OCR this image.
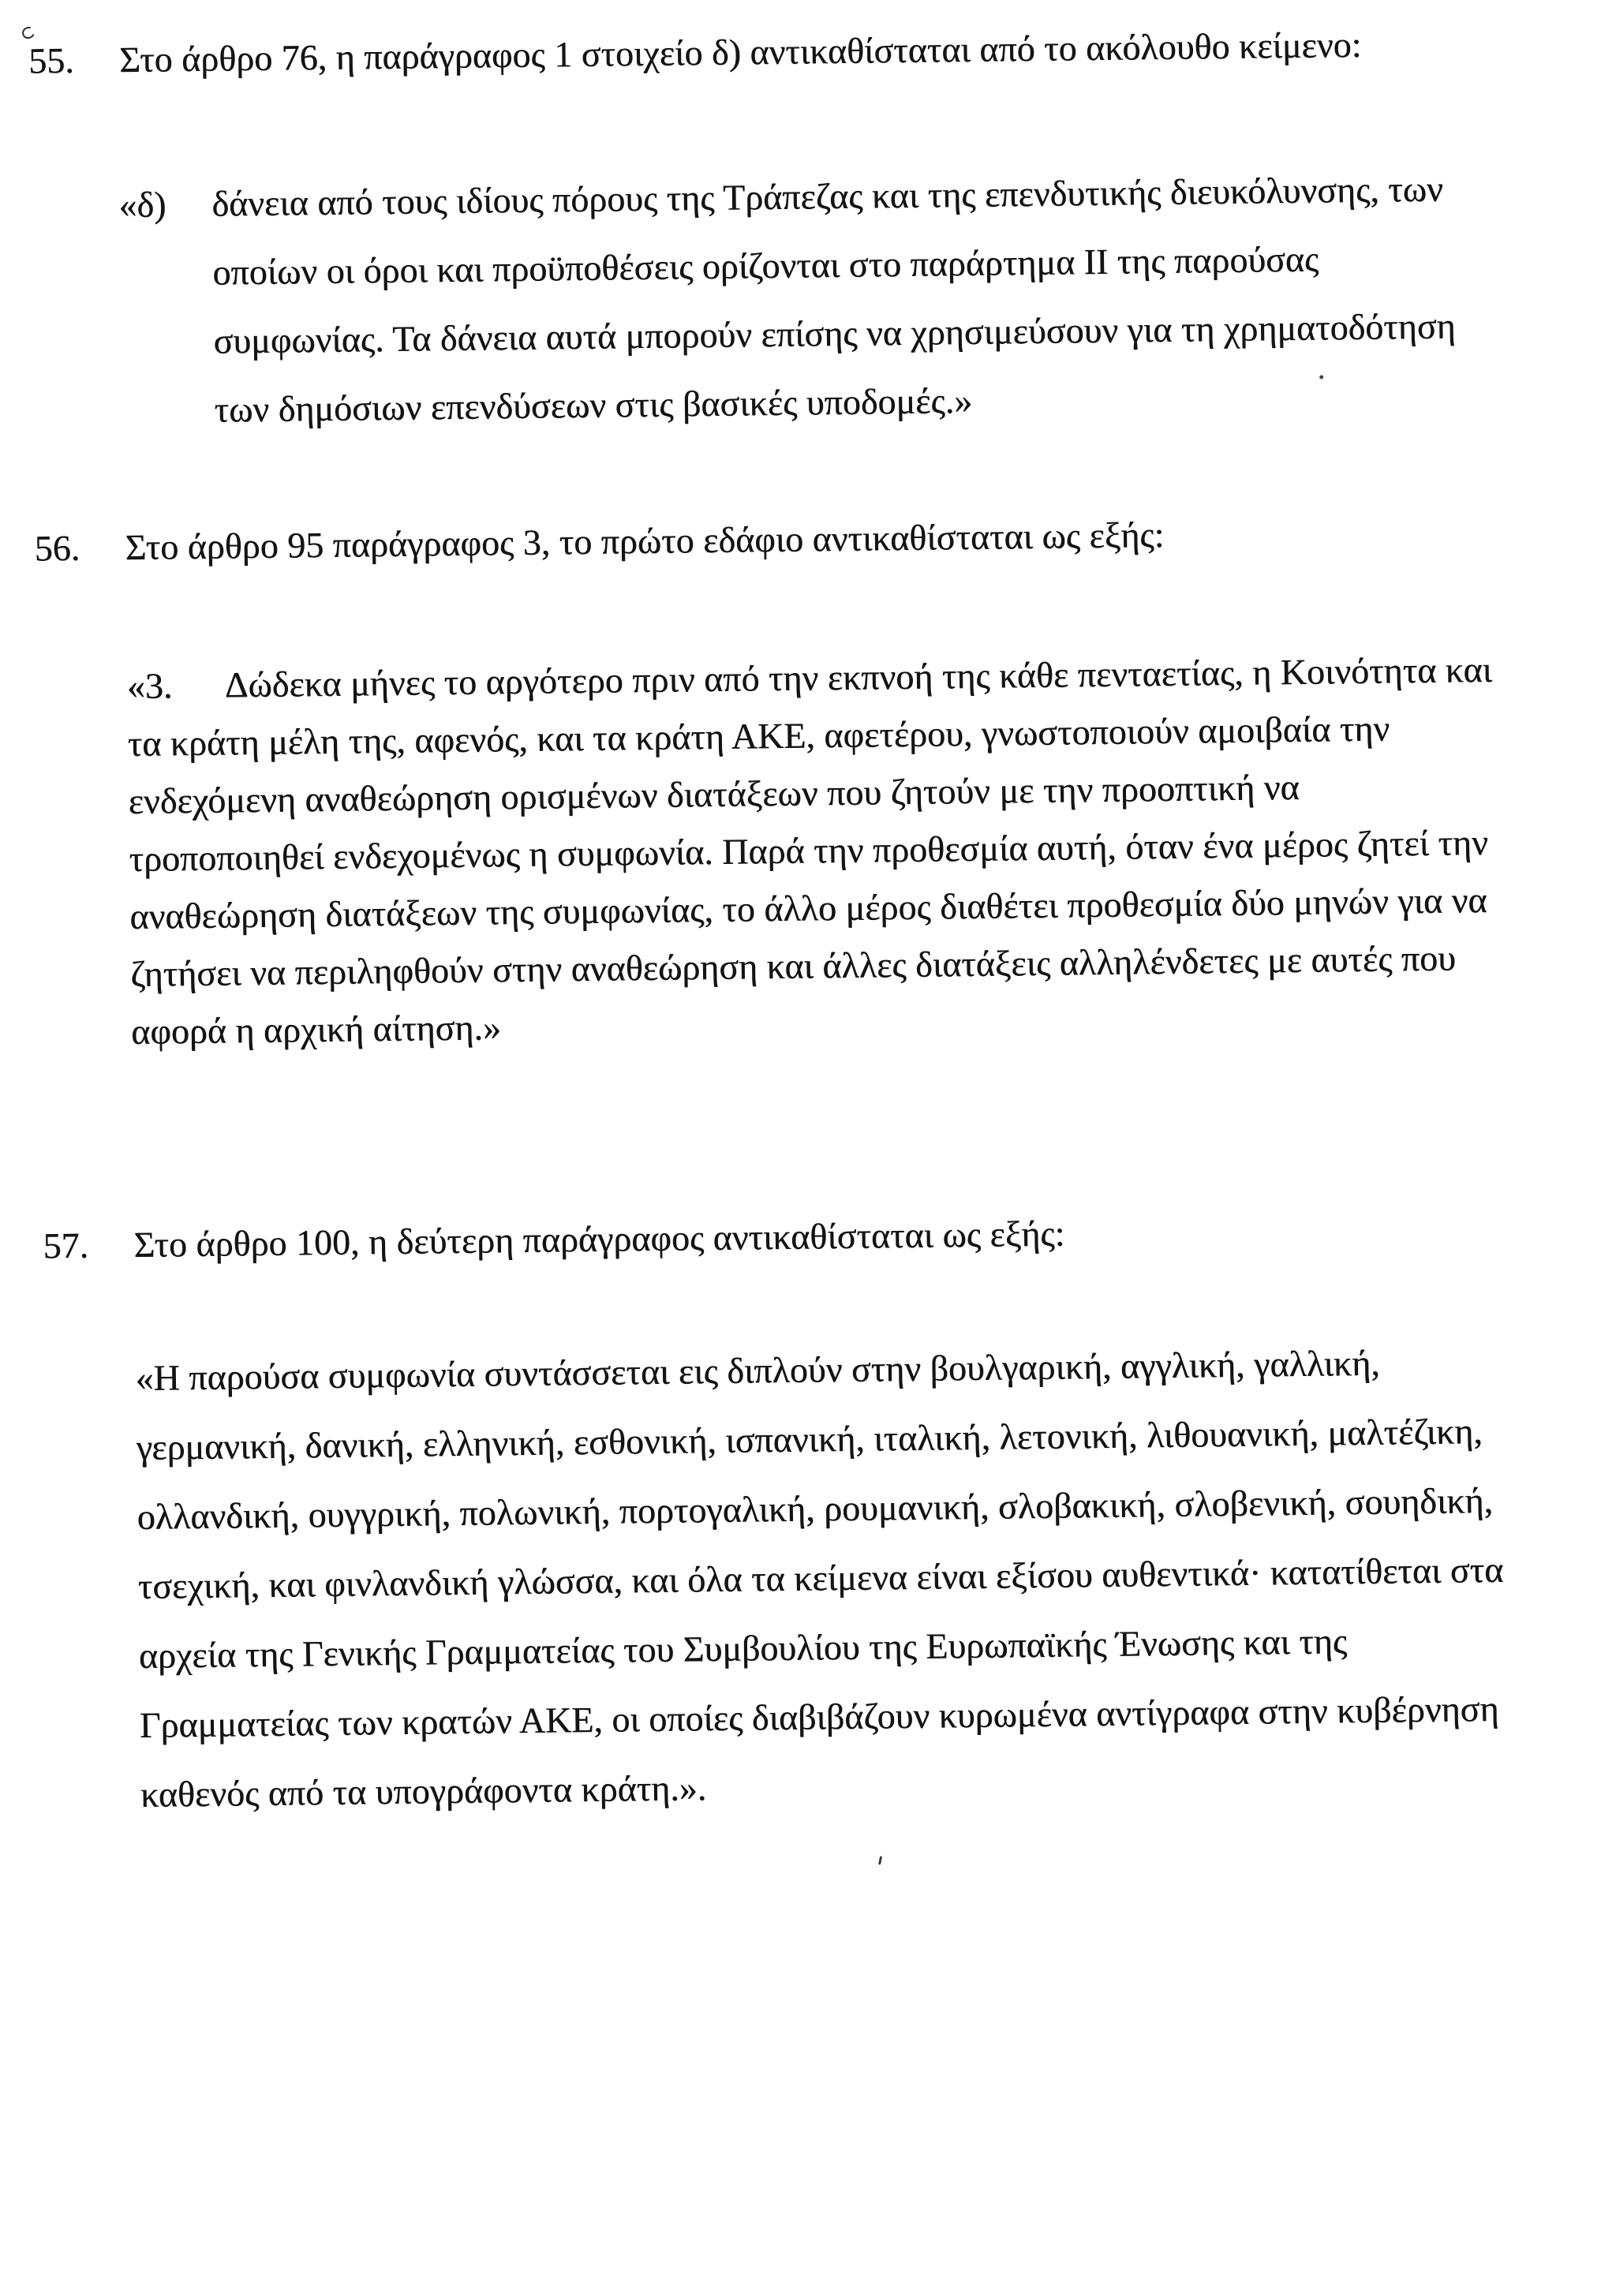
55. Στο άρθρο 76, η παράγραφος 1 στοιχείο δ) αντικαθίσταται από το ακόλουθο κείμενο:
«δ) δάνεια από τους ιδίους πόρους της Τράπεζας και της επενδυτικής διευκόλυνσης, των
οποίων οι όροι και προϋποθέσεις ορίζονται στο παράρτημα ΙΙ της παρούσας
συμφωνίας. Τα δάνεια αυτά μπορούν επίσης να χρησιμεύσουν για τη χρηματοδότηση
των δημόσιων επενδύσεων στις βασικές υποδομές.»
56. Στο άρθρο 95 παράγραφος 3, το πρώτο εδάφιο αντικαθίσταται ως εξής:
«3. Δώδεκα μήνες το αργότερο πριν από την εκπνοή της κάθε πενταετίας, η Κοινότητα και
τα κράτη μέλη της, αφενός, και τα κράτη ΑΚΕ, αφετέρου, γνωστοποιούν αμοιβαία την
ενδεχόμενη αναθεώρηση ορισμένων διατάξεων που ζητούν με την προοπτική να
τροποποιηθεί ενδεχομένως η συμφωνία. Παρά την προθεσμία αυτή, όταν ένα μέρος ζητεί την
αναθεώρηση διατάξεων της συμφωνίας, το άλλο μέρος διαθέτει προθεσμία δύο μηνών για να
ζητήσει να περιληφθούν στην αναθεώρηση και άλλες διατάξεις αλληλένδετες με αυτές που
αφορά η αρχική αίτηση.»
57. Στο άρθρο 100, η δεύτερη παράγραφος αντικαθίσταται ως εξής:
«Η παρούσα συμφωνία συντάσσεται εις διπλούν στην βουλγαρική, αγγλική, γαλλική,
γερμανική, δανική, ελληνική, εσθονική, ισπανική, ιταλική, λετονική, λιθουανική, μαλτέζικη,
ολλανδική, ουγγρική, πολωνική, πορτογαλική, ρουμανική, σλοβακική, σλοβενική, σουηδική,
τσεχική, και φινλανδική γλώσσα, και όλα τα κείμενα είναι εξίσου αυθεντικά· κατατίθεται στα
αρχεία της Γενικής Γραμματείας του Συμβουλίου της Ευρωπαϊκής Ένωσης και της
Γραμματείας των κρατών ΑΚΕ, οι οποίες διαβιβάζουν κυρωμένα αντίγραφα στην κυβέρνηση
καθενός από τα υπογράφοντα κράτη.».
